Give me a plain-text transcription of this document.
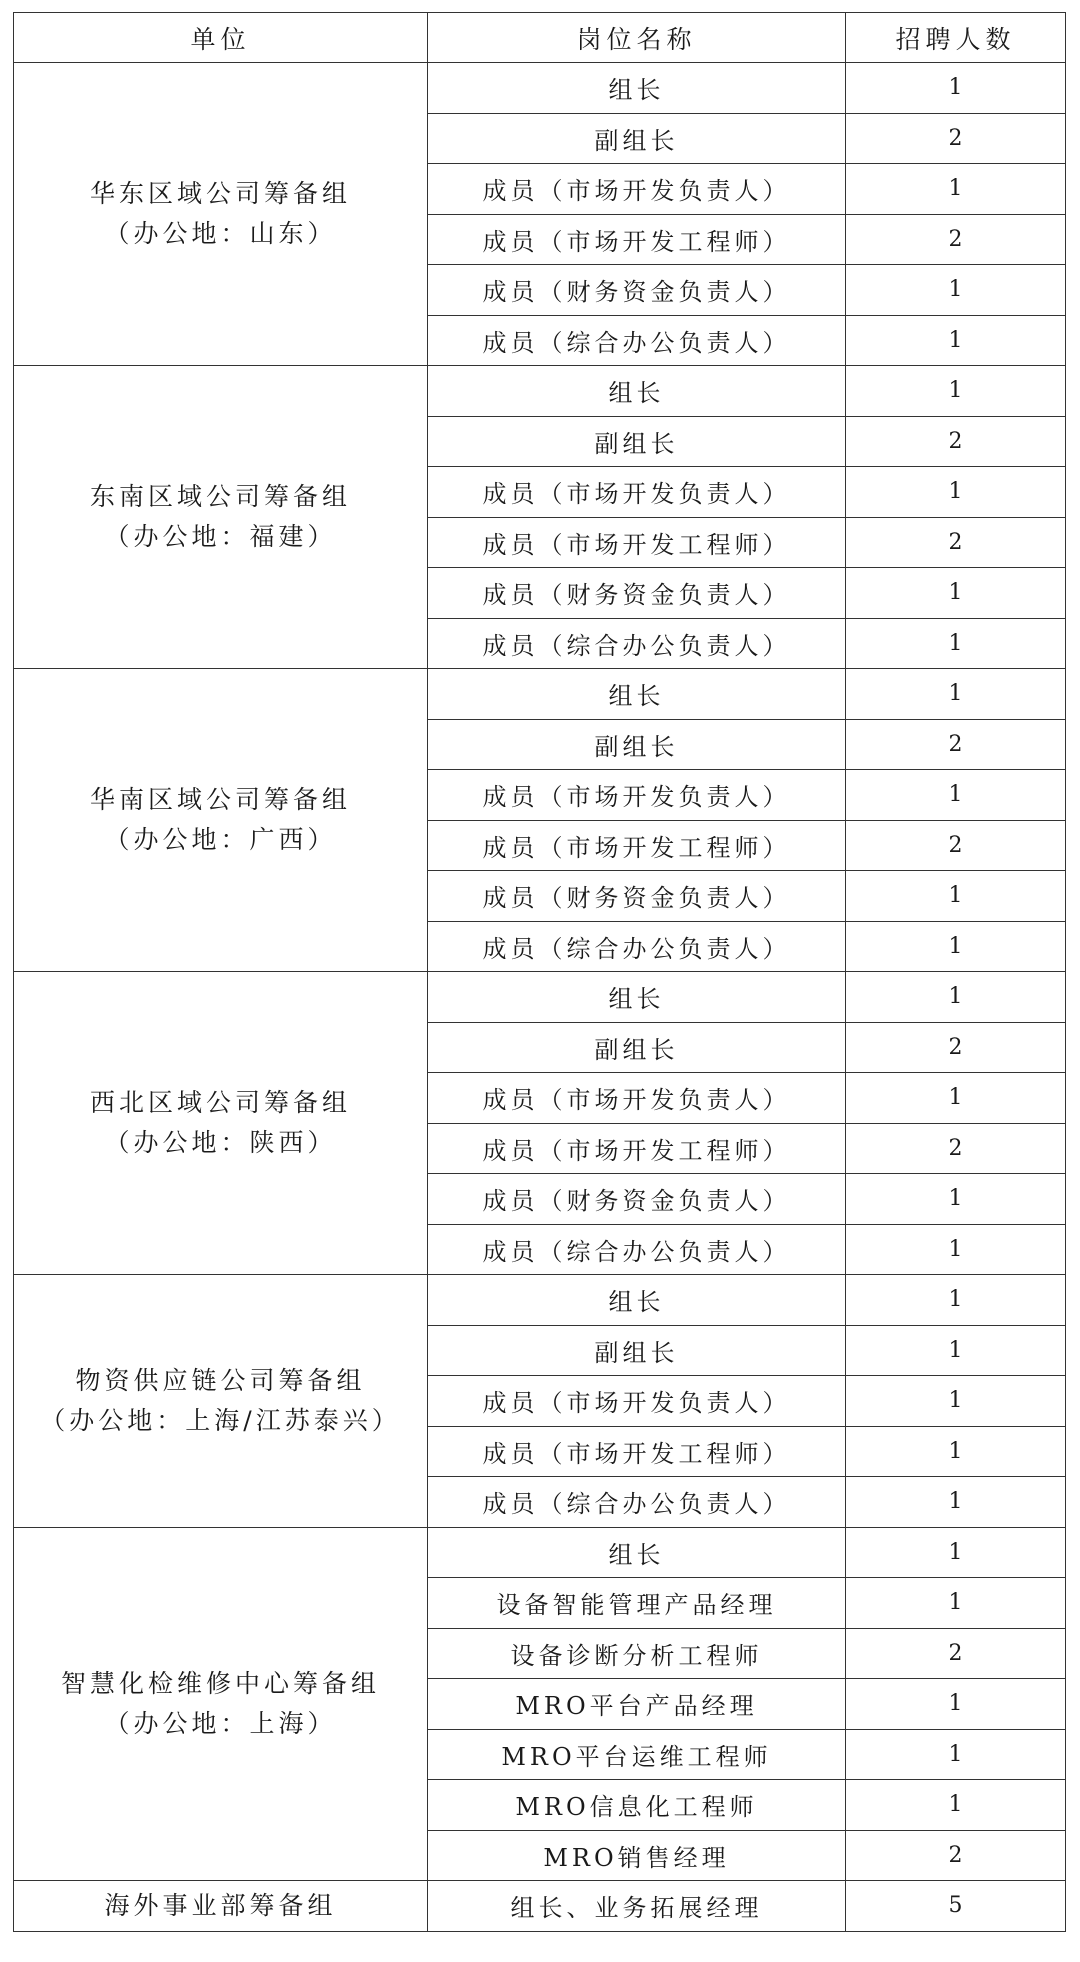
单位	岗位名称	招聘人数

华东区域公司筹备组
（办公地：山东）	组长	1
	副组长	2
	成员（市场开发负责人）	1
	成员（市场开发工程师）	2
	成员（财务资金负责人）	1
	成员（综合办公负责人）	1

东南区域公司筹备组
（办公地：福建）	组长	1
	副组长	2
	成员（市场开发负责人）	1
	成员（市场开发工程师）	2
	成员（财务资金负责人）	1
	成员（综合办公负责人）	1

华南区域公司筹备组
（办公地：广西）	组长	1
	副组长	2
	成员（市场开发负责人）	1
	成员（市场开发工程师）	2
	成员（财务资金负责人）	1
	成员（综合办公负责人）	1

西北区域公司筹备组
（办公地：陕西）	组长	1
	副组长	2
	成员（市场开发负责人）	1
	成员（市场开发工程师）	2
	成员（财务资金负责人）	1
	成员（综合办公负责人）	1

物资供应链公司筹备组
（办公地：上海/江苏泰兴）	组长	1
	副组长	1
	成员（市场开发负责人）	1
	成员（市场开发工程师）	1
	成员（综合办公负责人）	1

智慧化检维修中心筹备组
（办公地：上海）	组长	1
	设备智能管理产品经理	1
	设备诊断分析工程师	2
	MRO平台产品经理	1
	MRO平台运维工程师	1
	MRO信息化工程师	1
	MRO销售经理	2

海外事业部筹备组	组长、业务拓展经理	5
